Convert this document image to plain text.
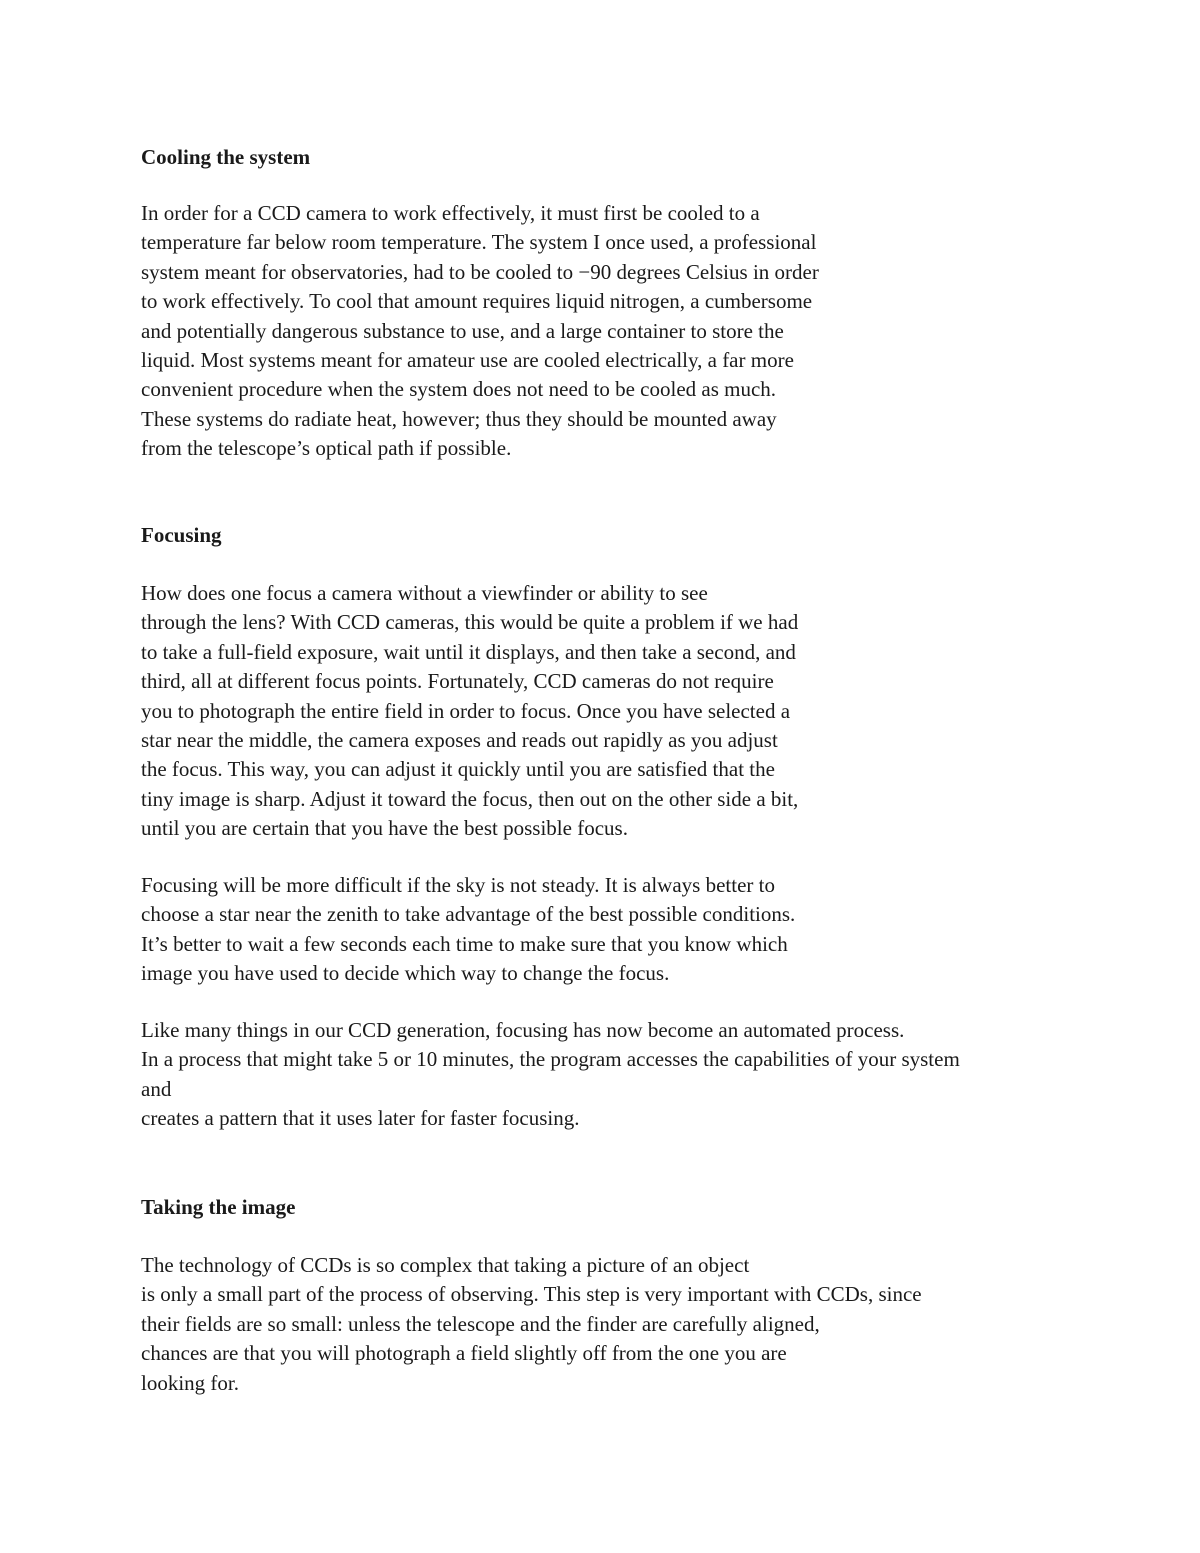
Cooling the system
In order for a CCD camera to work effectively, it must first be cooled to a
temperature far below room temperature. The system I once used, a professional
system meant for observatories, had to be cooled to −90 degrees Celsius in order
to work effectively. To cool that amount requires liquid nitrogen, a cumbersome
and potentially dangerous substance to use, and a large container to store the
liquid. Most systems meant for amateur use are cooled electrically, a far more
convenient procedure when the system does not need to be cooled as much.
These systems do radiate heat, however; thus they should be mounted away
from the telescope’s optical path if possible.
Focusing
How does one focus a camera without a viewfinder or ability to see
through the lens? With CCD cameras, this would be quite a problem if we had
to take a full-field exposure, wait until it displays, and then take a second, and
third, all at different focus points. Fortunately, CCD cameras do not require
you to photograph the entire field in order to focus. Once you have selected a
star near the middle, the camera exposes and reads out rapidly as you adjust
the focus. This way, you can adjust it quickly until you are satisfied that the
tiny image is sharp. Adjust it toward the focus, then out on the other side a bit,
until you are certain that you have the best possible focus.
Focusing will be more difficult if the sky is not steady. It is always better to
choose a star near the zenith to take advantage of the best possible conditions.
It’s better to wait a few seconds each time to make sure that you know which
image you have used to decide which way to change the focus.
Like many things in our CCD generation, focusing has now become an automated process.
In a process that might take 5 or 10 minutes, the program accesses the capabilities of your system
and
creates a pattern that it uses later for faster focusing.
Taking the image
The technology of CCDs is so complex that taking a picture of an object
is only a small part of the process of observing. This step is very important with CCDs, since
their fields are so small: unless the telescope and the finder are carefully aligned,
chances are that you will photograph a field slightly off from the one you are
looking for.
